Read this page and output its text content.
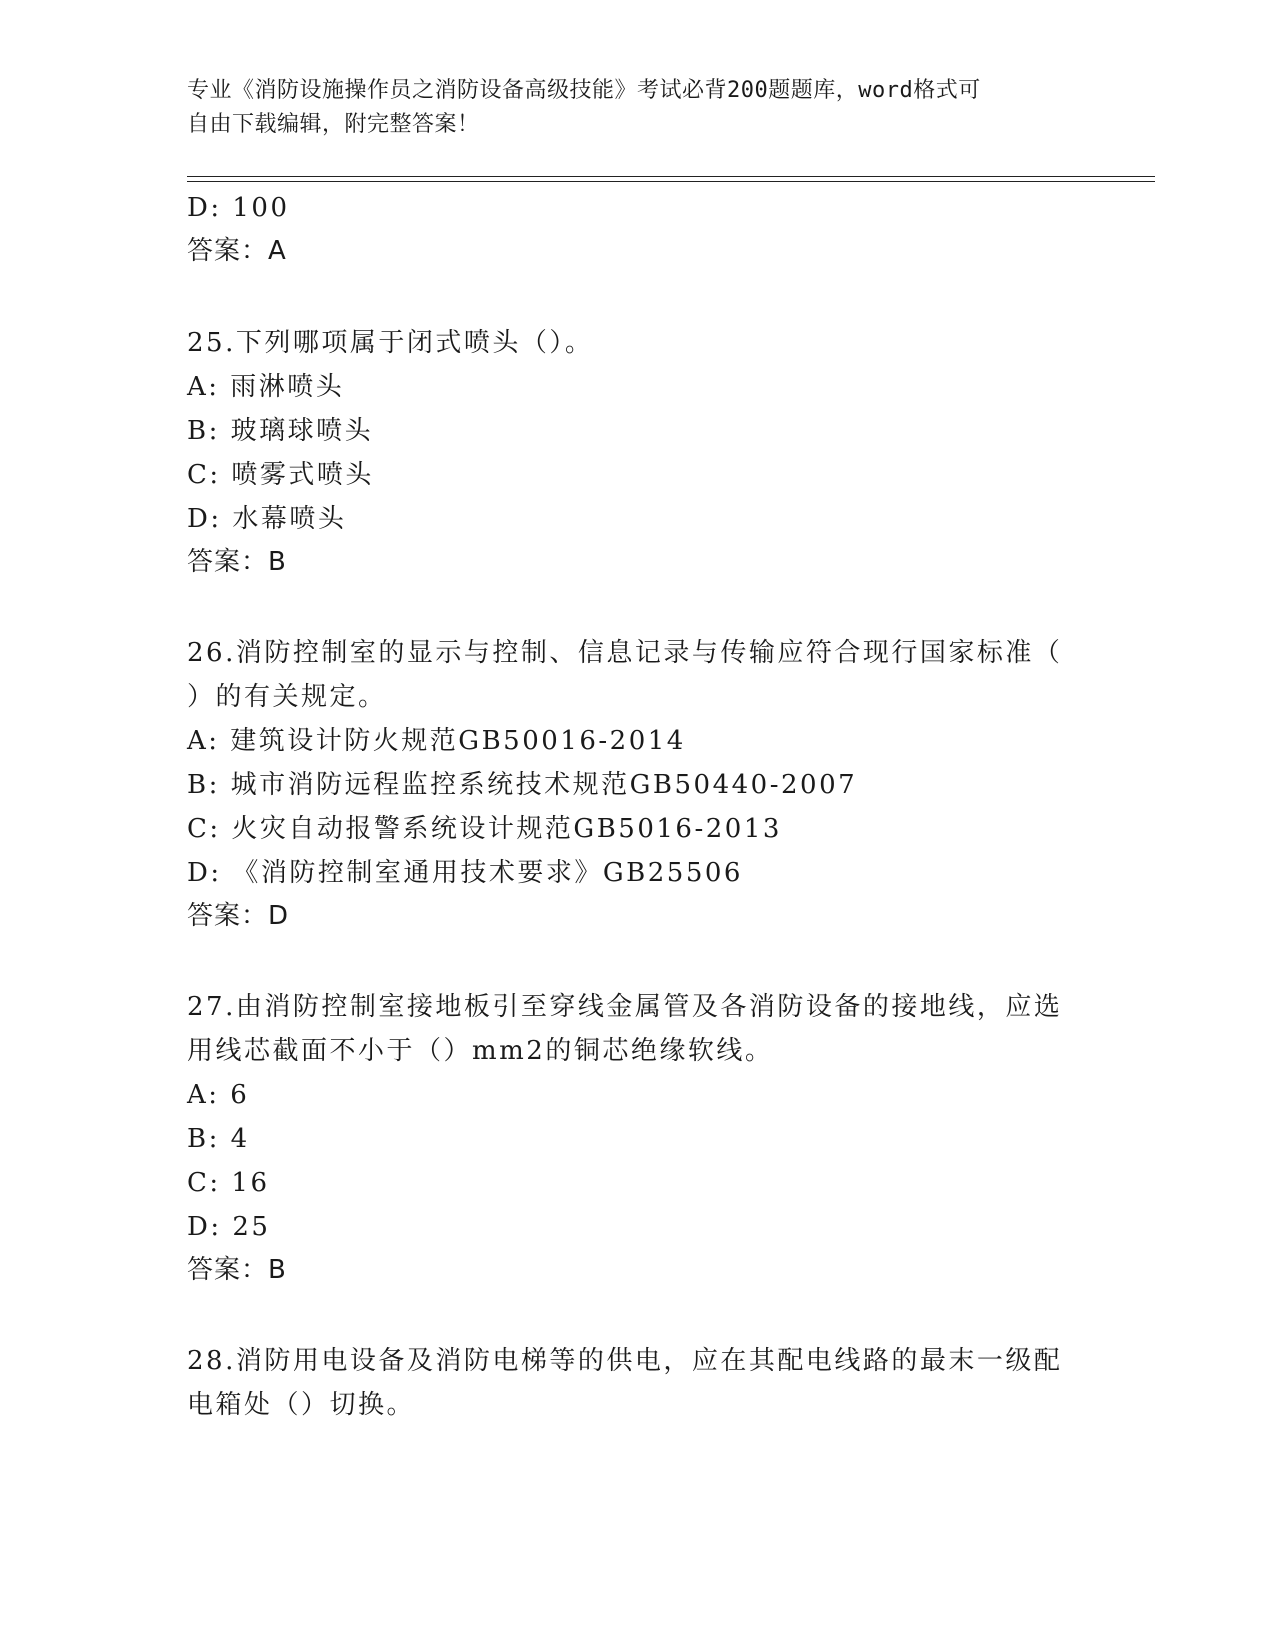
专业《消防设施操作员之消防设备高级技能》考试必背200题题库，word格式可
自由下载编辑，附完整答案！
D: 100
答案：A
25.下列哪项属于闭式喷头（）。
A: 雨淋喷头
B: 玻璃球喷头
C: 喷雾式喷头
D: 水幕喷头
答案：B
26.消防控制室的显示与控制、信息记录与传输应符合现行国家标准（
）的有关规定。
A: 建筑设计防火规范GB50016-2014
B: 城市消防远程监控系统技术规范GB50440-2007
C: 火灾自动报警系统设计规范GB5016-2013
D: 《消防控制室通用技术要求》GB25506
答案：D
27.由消防控制室接地板引至穿线金属管及各消防设备的接地线，应选
用线芯截面不小于（）mm2的铜芯绝缘软线。
A: 6
B: 4
C: 16
D: 25
答案：B
28.消防用电设备及消防电梯等的供电，应在其配电线路的最末一级配
电箱处（）切换。
